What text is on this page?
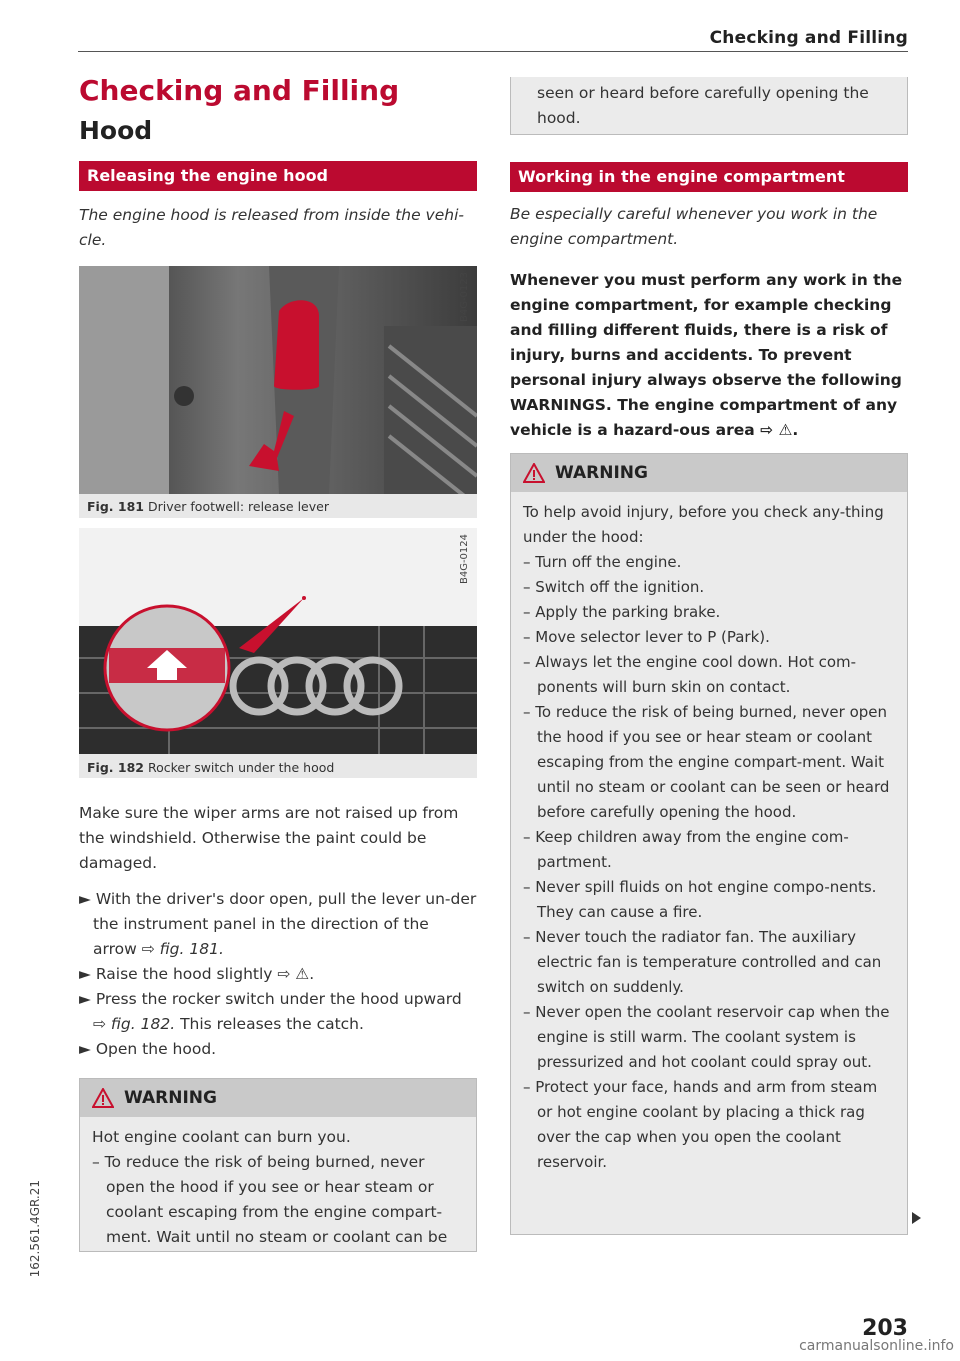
Checking and Filling
Checking and Filling
Hood
Releasing the engine hood
The engine hood is released from inside the vehi-cle.
B4G-0123
Fig. 181 Driver footwell: release lever
B4G-0124
Fig. 182 Rocker switch under the hood
Make sure the wiper arms are not raised up from the windshield. Otherwise the paint could be damaged.
► With the driver's door open, pull the lever un-der the instrument panel in the direction of the arrow ⇨ fig. 181.
► Raise the hood slightly ⇨ ⚠.
► Press the rocker switch under the hood upward ⇨ fig. 182. This releases the catch.
► Open the hood.
WARNING
Hot engine coolant can burn you.
– To reduce the risk of being burned, never open the hood if you see or hear steam or coolant escaping from the engine compart-ment. Wait until no steam or coolant can be
seen or heard before carefully opening the hood.
Working in the engine compartment
Be especially careful whenever you work in the engine compartment.
Whenever you must perform any work in the engine compartment, for example checking and filling different fluids, there is a risk of injury, burns and accidents. To prevent personal injury always observe the following WARNINGS. The engine compartment of any vehicle is a hazard-ous area ⇨ ⚠.
WARNING
To help avoid injury, before you check any-thing under the hood:
– Turn off the engine.
– Switch off the ignition.
– Apply the parking brake.
– Move selector lever to P (Park).
– Always let the engine cool down. Hot com-ponents will burn skin on contact.
– To reduce the risk of being burned, never open the hood if you see or hear steam or coolant escaping from the engine compart-ment. Wait until no steam or coolant can be seen or heard before carefully opening the hood.
– Keep children away from the engine com-partment.
– Never spill fluids on hot engine compo-nents. They can cause a fire.
– Never touch the radiator fan. The auxiliary electric fan is temperature controlled and can switch on suddenly.
– Never open the coolant reservoir cap when the engine is still warm. The coolant system is pressurized and hot coolant could spray out.
– Protect your face, hands and arm from steam or hot engine coolant by placing a thick rag over the cap when you open the coolant reservoir.
203
162.561.4GR.21
carmanualsonline.info
